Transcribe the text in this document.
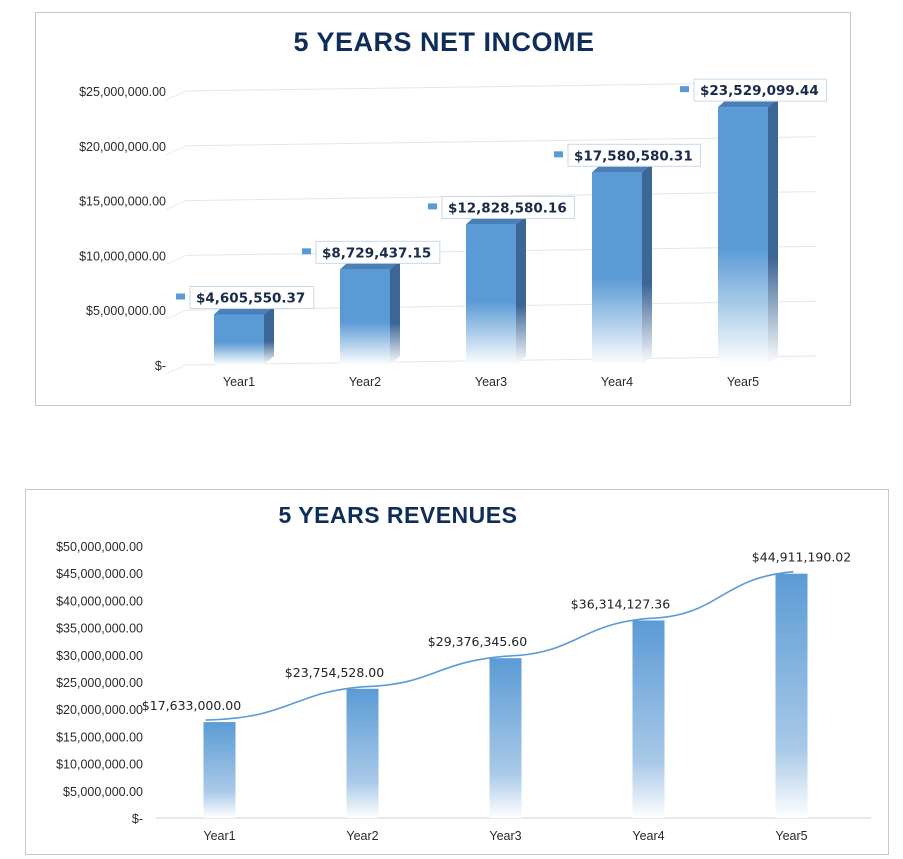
5 YEARS NET INCOME
$-
$5,000,000.00
$10,000,000.00
$15,000,000.00
$20,000,000.00
$25,000,000.00
Year1
$4,605,550.37
Year2
$8,729,437.15
Year3
$12,828,580.16
Year4
$17,580,580.31
Year5
$23,529,099.44
5 YEARS REVENUES
$-
$5,000,000.00
$10,000,000.00
$15,000,000.00
$20,000,000.00
$25,000,000.00
$30,000,000.00
$35,000,000.00
$40,000,000.00
$45,000,000.00
$50,000,000.00
Year1
$17,633,000.00
Year2
$23,754,528.00
Year3
$29,376,345.60
Year4
$36,314,127.36
Year5
$44,911,190.02
